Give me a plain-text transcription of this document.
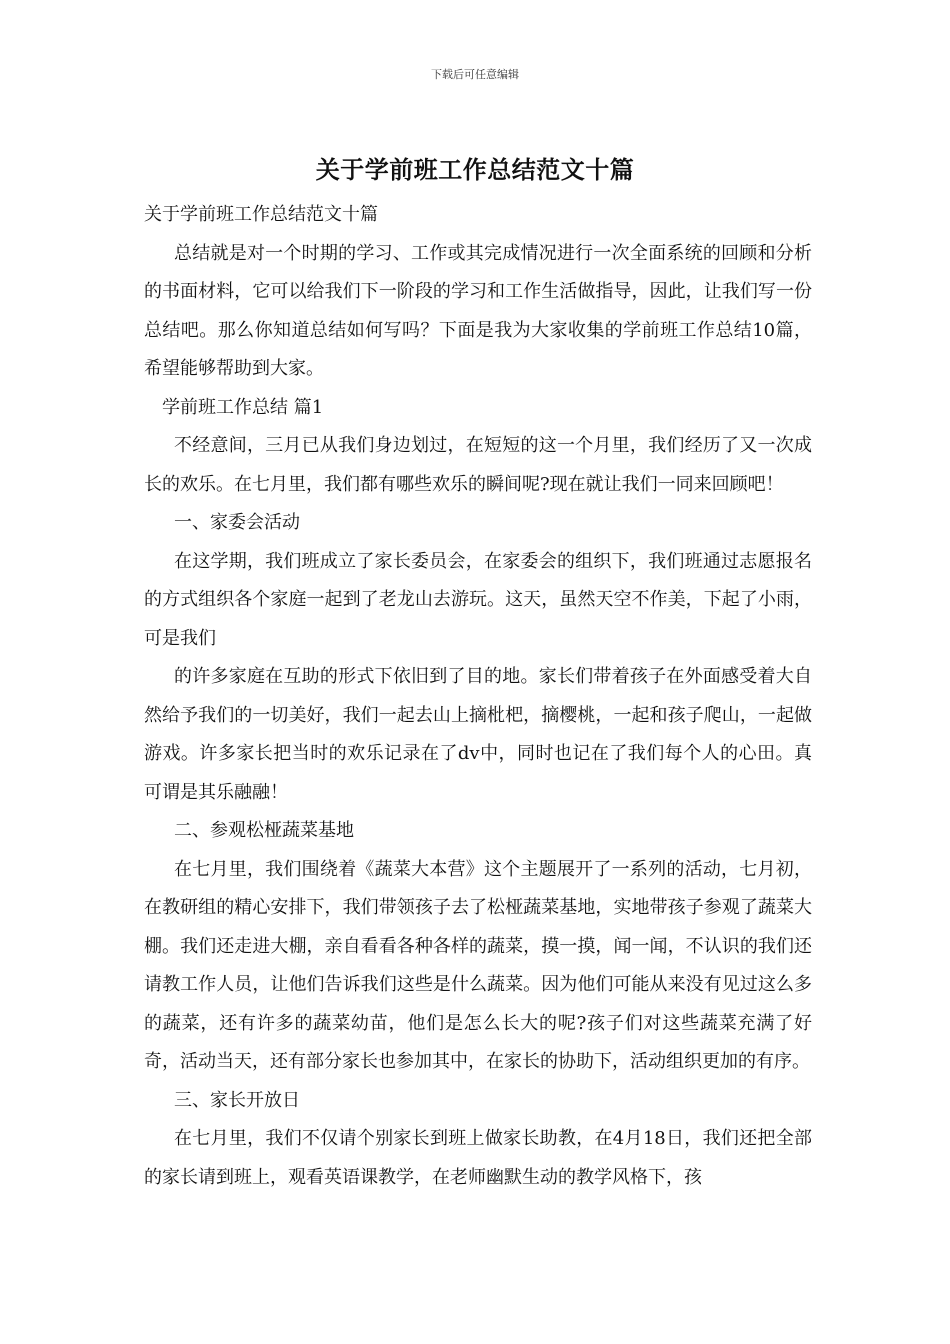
下载后可任意编辑
关于学前班工作总结范文十篇

关于学前班工作总结范文十篇

总结就是对一个时期的学习、工作或其完成情况进行一次全面系统的回顾和分析的书面材料，它可以给我们下一阶段的学习和工作生活做指导，因此，让我们写一份总结吧。那么你知道总结如何写吗？下面是我为大家收集的学前班工作总结10篇，希望能够帮助到大家。

学前班工作总结 篇1

不经意间，三月已从我们身边划过，在短短的这一个月里，我们经历了又一次成长的欢乐。在七月里，我们都有哪些欢乐的瞬间呢?现在就让我们一同来回顾吧！

一、家委会活动

在这学期，我们班成立了家长委员会，在家委会的组织下，我们班通过志愿报名的方式组织各个家庭一起到了老龙山去游玩。这天，虽然天空不作美，下起了小雨，可是我们

的许多家庭在互助的形式下依旧到了目的地。家长们带着孩子在外面感受着大自然给予我们的一切美好，我们一起去山上摘枇杷，摘樱桃，一起和孩子爬山，一起做游戏。许多家长把当时的欢乐记录在了dv中，同时也记在了我们每个人的心田。真可谓是其乐融融！

二、参观松桠蔬菜基地

在七月里，我们围绕着《蔬菜大本营》这个主题展开了一系列的活动，七月初，在教研组的精心安排下，我们带领孩子去了松桠蔬菜基地，实地带孩子参观了蔬菜大棚。我们还走进大棚，亲自看看各种各样的蔬菜，摸一摸，闻一闻，不认识的我们还请教工作人员，让他们告诉我们这些是什么蔬菜。因为他们可能从来没有见过这么多的蔬菜，还有许多的蔬菜幼苗，他们是怎么长大的呢?孩子们对这些蔬菜充满了好奇，活动当天，还有部分家长也参加其中，在家长的协助下，活动组织更加的有序。

三、家长开放日

在七月里，我们不仅请个别家长到班上做家长助教，在4月18日，我们还把全部的家长请到班上，观看英语课教学，在老师幽默生动的教学风格下，孩
